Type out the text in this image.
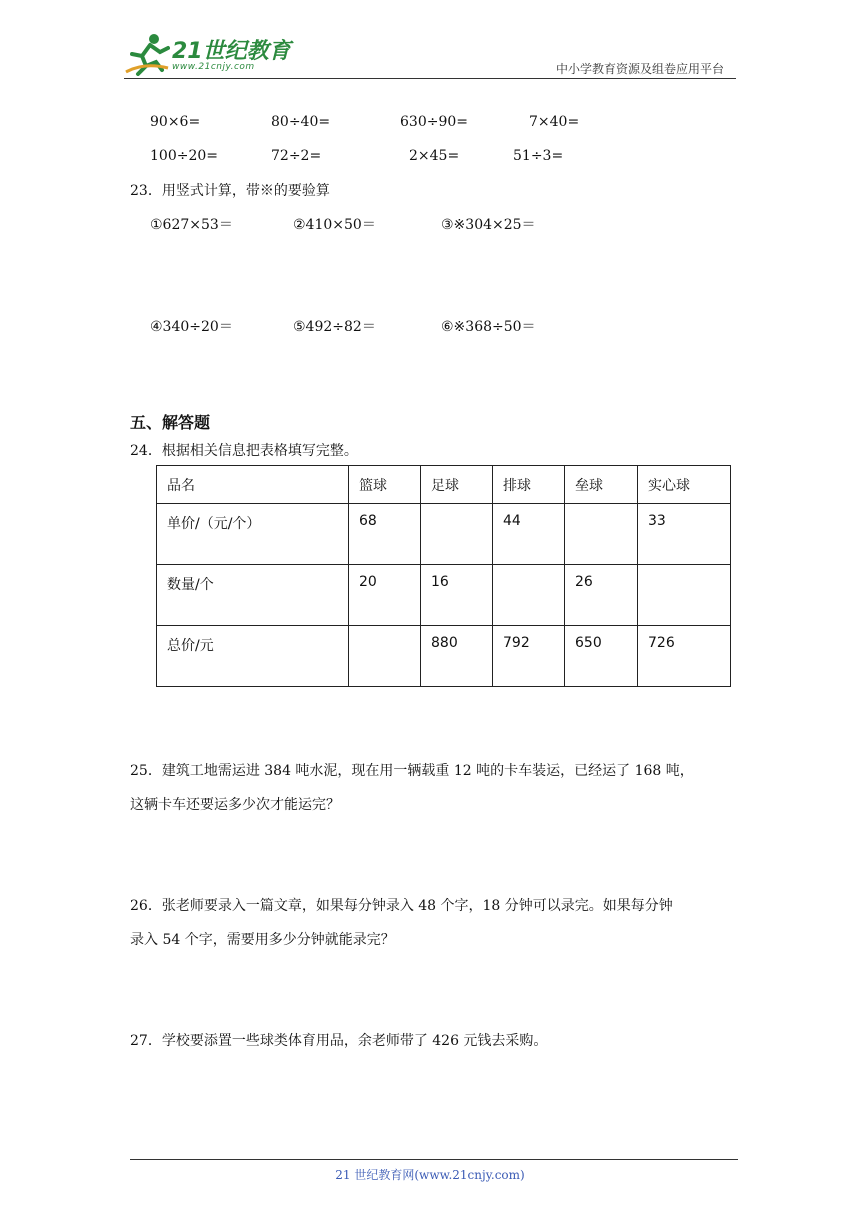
21世纪教育
www.21cnjy.com	中小学教育资源及组卷应用平台
90×6=	80÷40=	630÷90=	7×40=
100÷20=	72÷2=	2×45=	51÷3=
23．用竖式计算，带※的要验算
①627×53＝	②410×50＝	③※304×25＝
④340÷20＝	⑤492÷82＝	⑥※368÷50＝
五、解答题
24．根据相关信息把表格填写完整。
品名	篮球	足球	排球	垒球	实心球
单价/（元/个）	68		44		33
数量/个	20	16		26	
总价/元		880	792	650	726
25．建筑工地需运进 384 吨水泥，现在用一辆载重 12 吨的卡车装运，已经运了 168 吨，
这辆卡车还要运多少次才能运完？
26．张老师要录入一篇文章，如果每分钟录入 48 个字，18 分钟可以录完。如果每分钟
录入 54 个字，需要用多少分钟就能录完？
27．学校要添置一些球类体育用品，余老师带了 426 元钱去采购。
21 世纪教育网(www.21cnjy.com)
